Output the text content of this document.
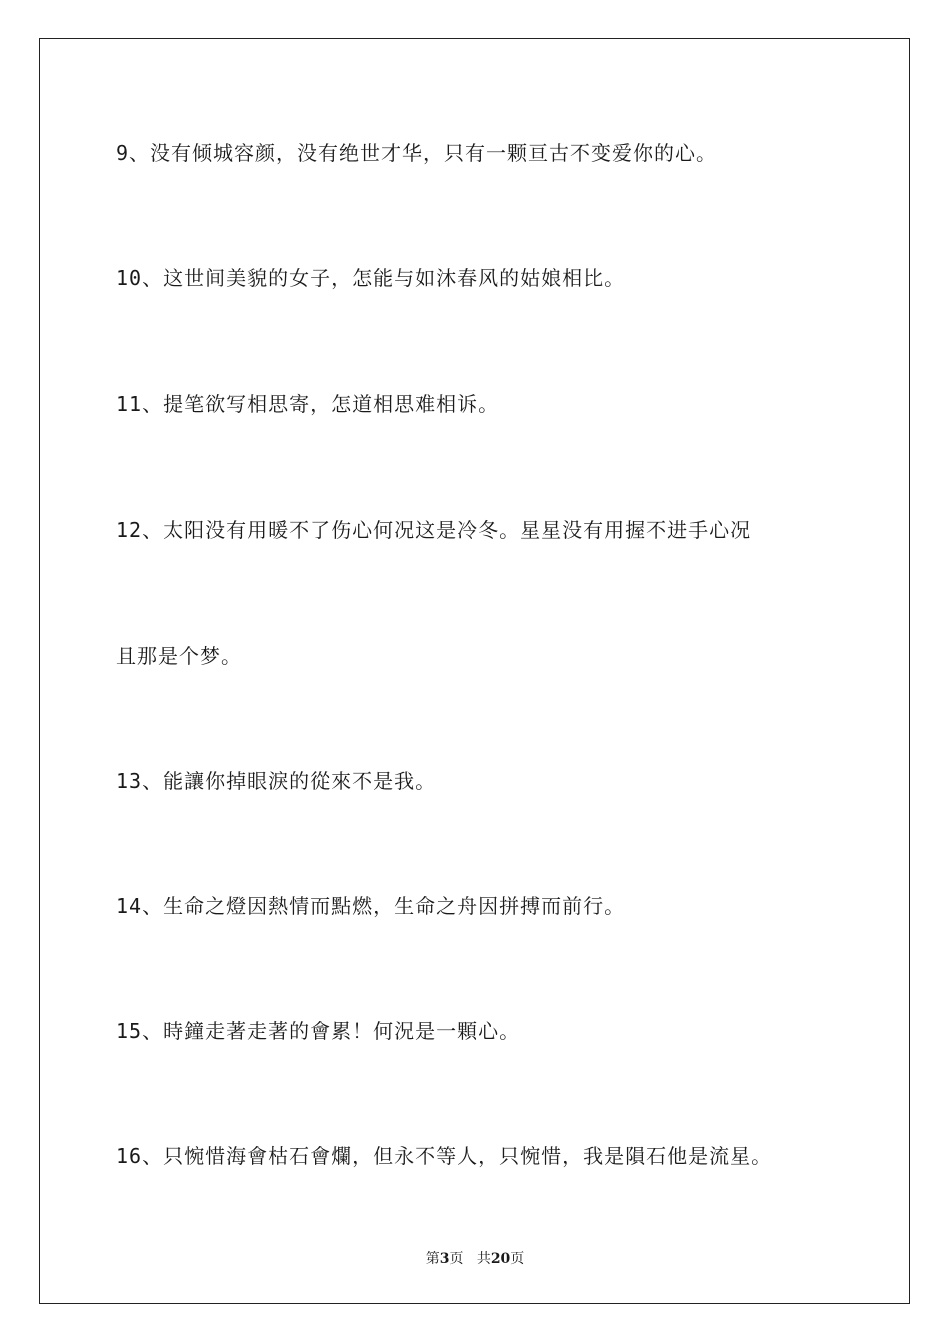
9、没有倾城容颜，没有绝世才华，只有一颗亘古不变爱你的心。
10、这世间美貌的女子，怎能与如沐春风的姑娘相比。
11、提笔欲写相思寄，怎道相思难相诉。
12、太阳没有用暖不了伤心何况这是冷冬。星星没有用握不进手心况
且那是个梦。
13、能讓你掉眼淚的從來不是我。
14、生命之燈因熱情而點燃，生命之舟因拼搏而前行。
15、時鐘走著走著的會累！何況是一顆心。
16、只惋惜海會枯石會爛，但永不等人，只惋惜，我是隕石他是流星。
第3页 共20页
